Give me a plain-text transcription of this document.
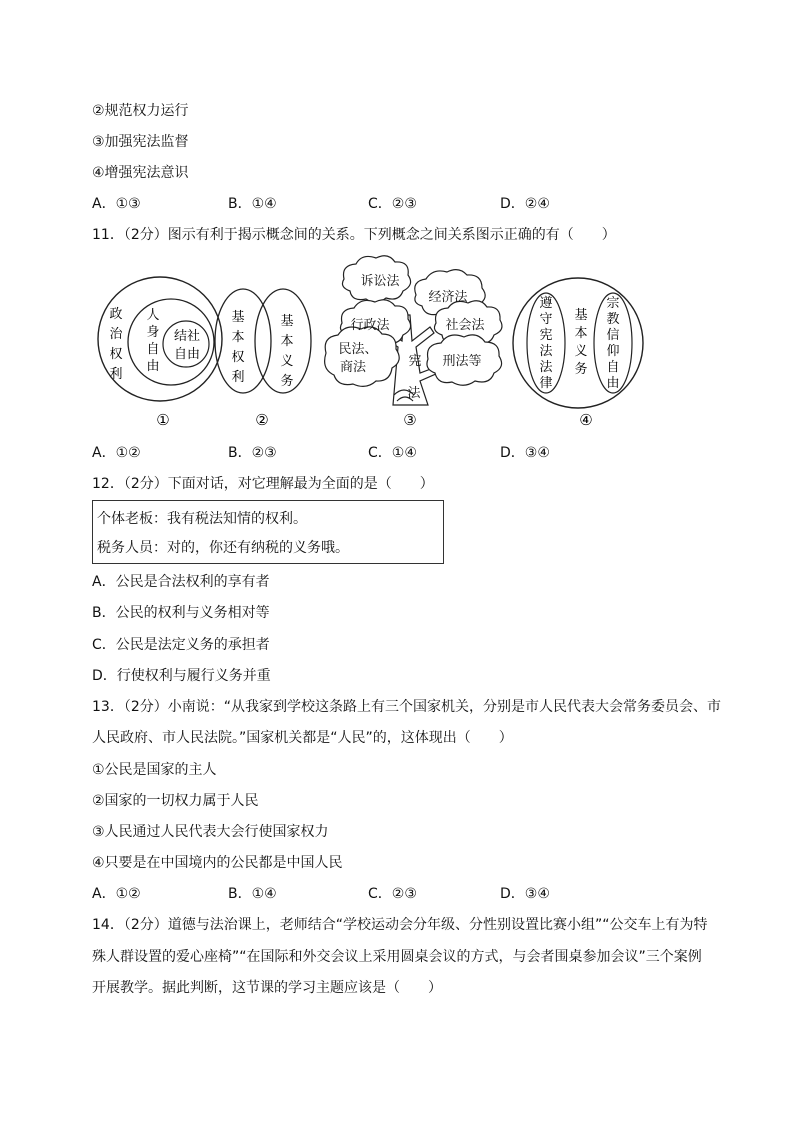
②规范权力运行
③加强宪法监督
④增强宪法意识
A．①③	B．①④	C．②③	D．②④
11．（2分）图示有利于揭示概念间的关系。下列概念之间关系图示正确的有（　　）
政
治
权
利
人
身
自
由
结社
自由
①
基
本
权
利
基
本
义
务
②
诉讼法
经济法
行政法	社会法
民法、
商法	刑法等
宪
法
③
遵
守
宪
法
法
律
基
本
义
务
宗
教
信
仰
自
由
④
A．①②	B．②③	C．①④	D．③④
12．（2分）下面对话，对它理解最为全面的是（　　）
个体老板：我有税法知情的权利。
税务人员：对的，你还有纳税的义务哦。
A．公民是合法权利的享有者
B．公民的权利与义务相对等
C．公民是法定义务的承担者
D．行使权利与履行义务并重
13．（2分）小南说：“从我家到学校这条路上有三个国家机关，分别是市人民代表大会常务委员会、市
人民政府、市人民法院。”国家机关都是“人民”的，这体现出（　　）
①公民是国家的主人
②国家的一切权力属于人民
③人民通过人民代表大会行使国家权力
④只要是在中国境内的公民都是中国人民
A．①②	B．①④	C．②③	D．③④
14．（2分）道德与法治课上，老师结合“学校运动会分年级、分性别设置比赛小组”“公交车上有为特
殊人群设置的爱心座椅”“在国际和外交会议上采用圆桌会议的方式，与会者围桌参加会议”三个案例
开展教学。据此判断，这节课的学习主题应该是（　　）
